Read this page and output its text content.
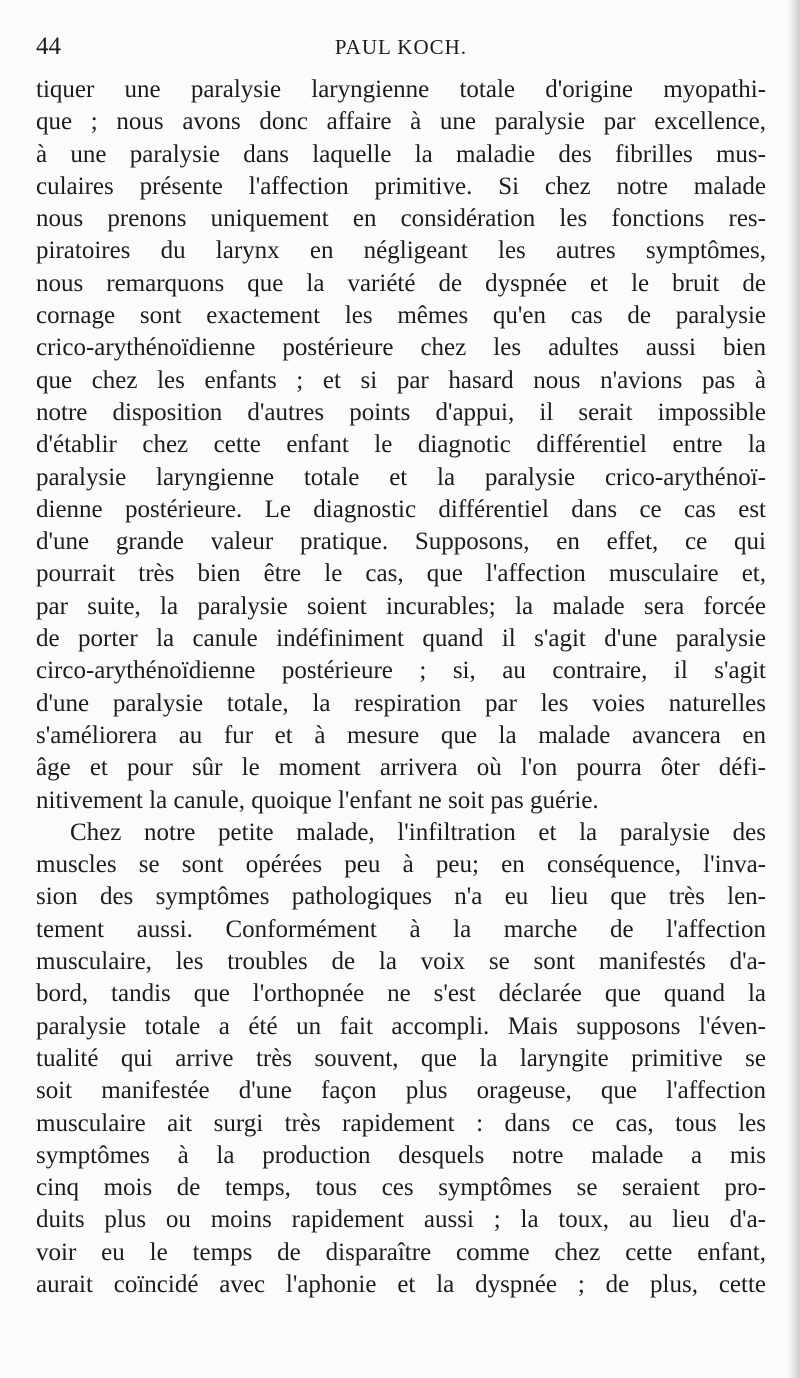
44	PAUL KOCH.
tiquer une paralysie laryngienne totale d'origine myopathi-
que ; nous avons donc affaire à une paralysie par excellence,
à une paralysie dans laquelle la maladie des fibrilles mus-
culaires présente l'affection primitive. Si chez notre malade
nous prenons uniquement en considération les fonctions res-
piratoires du larynx en négligeant les autres symptômes,
nous remarquons que la variété de dyspnée et le bruit de
cornage sont exactement les mêmes qu'en cas de paralysie
crico-arythénoïdienne postérieure chez les adultes aussi bien
que chez les enfants ; et si par hasard nous n'avions pas à
notre disposition d'autres points d'appui, il serait impossible
d'établir chez cette enfant le diagnotic différentiel entre la
paralysie laryngienne totale et la paralysie crico-arythénoï-
dienne postérieure. Le diagnostic différentiel dans ce cas est
d'une grande valeur pratique. Supposons, en effet, ce qui
pourrait très bien être le cas, que l'affection musculaire et,
par suite, la paralysie soient incurables; la malade sera forcée
de porter la canule indéfiniment quand il s'agit d'une paralysie
circo-arythénoïdienne postérieure ; si, au contraire, il s'agit
d'une paralysie totale, la respiration par les voies naturelles
s'améliorera au fur et à mesure que la malade avancera en
âge et pour sûr le moment arrivera où l'on pourra ôter défi-
nitivement la canule, quoique l'enfant ne soit pas guérie.
Chez notre petite malade, l'infiltration et la paralysie des
muscles se sont opérées peu à peu; en conséquence, l'inva-
sion des symptômes pathologiques n'a eu lieu que très len-
tement aussi. Conformément à la marche de l'affection
musculaire, les troubles de la voix se sont manifestés d'a-
bord, tandis que l'orthopnée ne s'est déclarée que quand la
paralysie totale a été un fait accompli. Mais supposons l'éven-
tualité qui arrive très souvent, que la laryngite primitive se
soit manifestée d'une façon plus orageuse, que l'affection
musculaire ait surgi très rapidement : dans ce cas, tous les
symptômes à la production desquels notre malade a mis
cinq mois de temps, tous ces symptômes se seraient pro-
duits plus ou moins rapidement aussi ; la toux, au lieu d'a-
voir eu le temps de disparaître comme chez cette enfant,
aurait coïncidé avec l'aphonie et la dyspnée ; de plus, cette
